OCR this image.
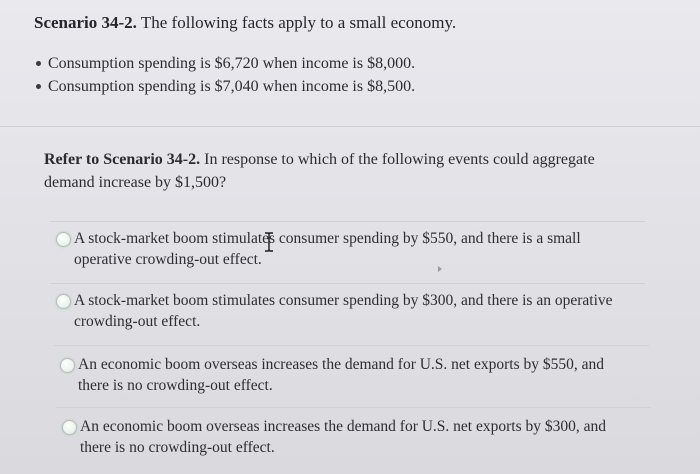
Scenario 34-2. The following facts apply to a small economy.
Consumption spending is $6,720 when income is $8,000.
Consumption spending is $7,040 when income is $8,500.
Refer to Scenario 34-2. In response to which of the following events could aggregate demand increase by $1,500?
A stock-market boom stimulates consumer spending by $550, and there is a small
operative crowding-out effect.
A stock-market boom stimulates consumer spending by $300, and there is an operative
crowding-out effect.
An economic boom overseas increases the demand for U.S. net exports by $550, and
there is no crowding-out effect.
An economic boom overseas increases the demand for U.S. net exports by $300, and
there is no crowding-out effect.
